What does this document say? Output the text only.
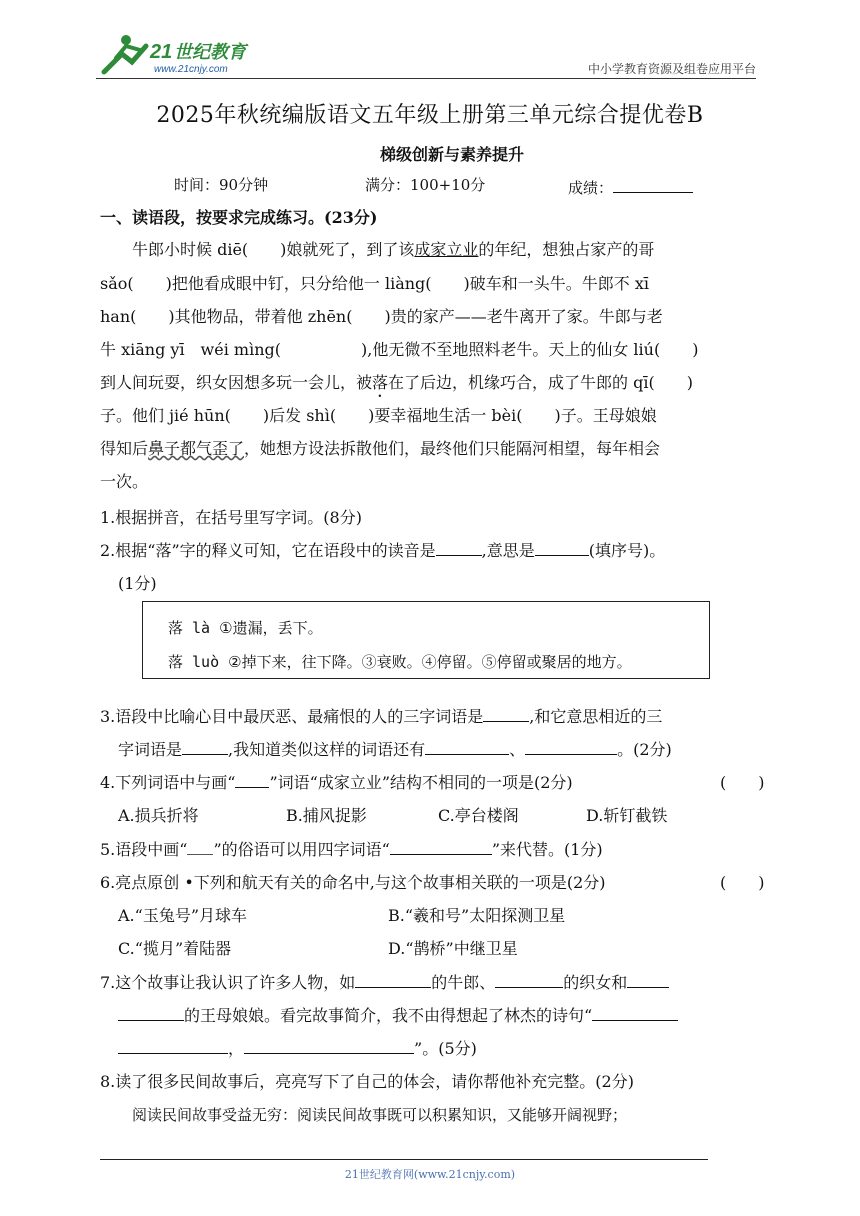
21 世纪教育
www.21cnjy.com	中小学教育资源及组卷应用平台
2025年秋统编版语文五年级上册第三单元综合提优卷B
梯级创新与素养提升
时间：90分钟	满分：100+10分	成绩：
一、读语段，按要求完成练习。(23分)
牛郎小时候 diē(　　)娘就死了，到了该成家立业的年纪，想独占家产的哥
sǎo(　　)把他看成眼中钉，只分给他一 liàng(　　)破车和一头牛。牛郎不 xī
han(　　)其他物品，带着他 zhēn(　　)贵的家产——老牛离开了家。牛郎与老
牛 xiāng yī　wéi mìng(　　　　　),他无微不至地照料老牛。天上的仙女 liú(　　)
到人间玩耍，织女因想多玩一会儿，被落在了后边，机缘巧合，成了牛郎的 qī(　　)
子。他们 jié hūn(　　)后发 shì(　　)要幸福地生活一 bèi(　　)子。王母娘娘
得知后鼻子都气歪了，她想方设法拆散他们，最终他们只能隔河相望，每年相会
一次。
1.根据拼音，在括号里写字词。(8分)
2.根据“落”字的释义可知，它在语段中的读音是	,意思是	(填序号)。
(1分)
落 là ①遗漏，丢下。
落 luò ②掉下来，往下降。③衰败。④停留。⑤停留或聚居的地方。
3.语段中比喻心目中最厌恶、最痛恨的人的三字词语是	,和它意思相近的三
字词语是	,我知道类似这样的词语还有	、	。(2分)
4.下列词语中与画“ ”词语“成家立业”结构不相同的一项是(2分)	(　　)
A.损兵折将	B.捕风捉影	C.亭台楼阁	D.斩钉截铁
5.语段中画“ ”的俗语可以用四字词语“	”来代替。(1分)
6.亮点原创 •下列和航天有关的命名中,与这个故事相关联的一项是(2分)	(　　)
A.“玉兔号”月球车	B.“羲和号”太阳探测卫星
C.“揽月”着陆器	D.“鹊桥”中继卫星
7.这个故事让我认识了许多人物，如	的牛郎、	的织女和
的王母娘娘。看完故事简介，我不由得想起了林杰的诗句“
，	”。(5分)
8.读了很多民间故事后，亮亮写下了自己的体会，请你帮他补充完整。(2分)
阅读民间故事受益无穷：阅读民间故事既可以积累知识，又能够开阔视野；
21世纪教育网(www.21cnjy.com)
